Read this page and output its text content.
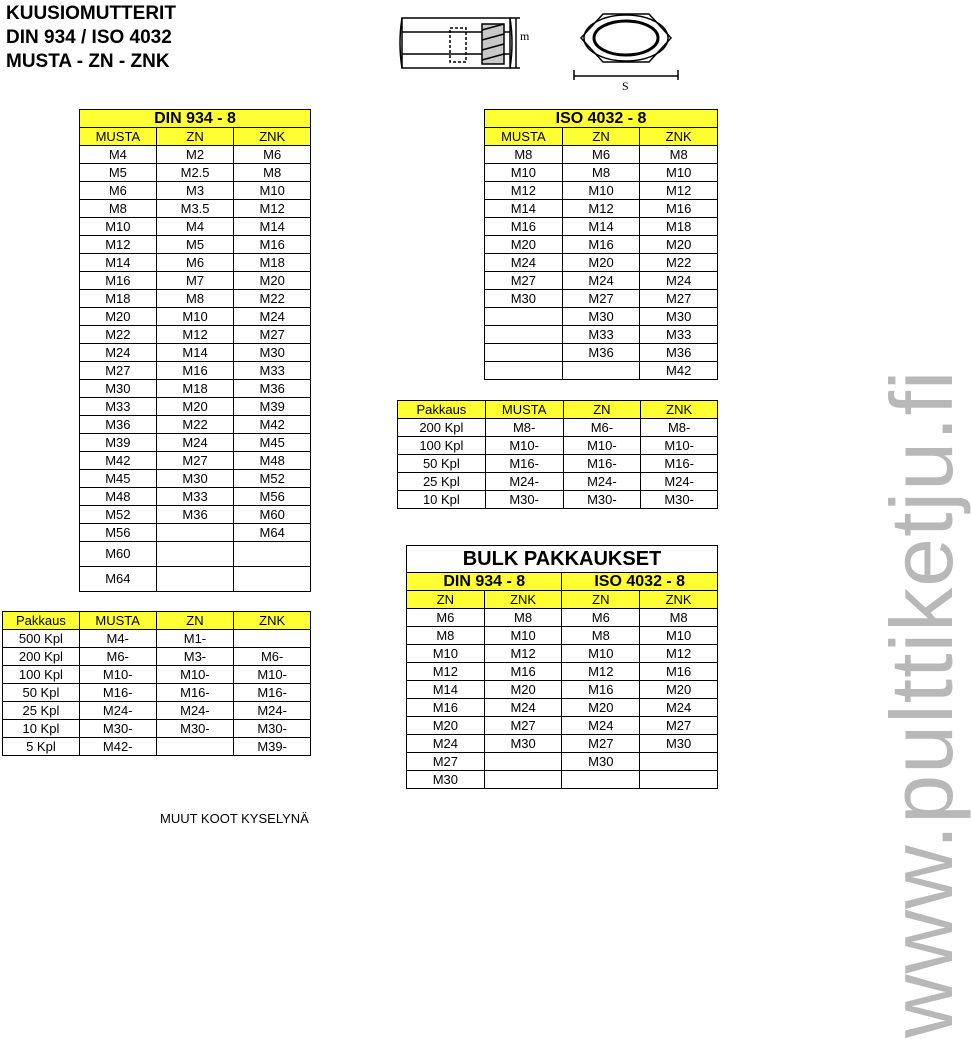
KUUSIOMUTTERIT
DIN 934 / ISO 4032
MUSTA - ZN - ZNK
m
S
DIN 934 - 8		
MUSTA	ZN	ZNK
M4	M2	M6
M5	M2.5	M8
M6	M3	M10
M8	M3.5	M12
M10	M4	M14
M12	M5	M16
M14	M6	M18
M16	M7	M20
M18	M8	M22
M20	M10	M24
M22	M12	M27
M24	M14	M30
M27	M16	M33
M30	M18	M36
M33	M20	M39
M36	M22	M42
M39	M24	M45
M42	M27	M48
M45	M30	M52
M48	M33	M56
M52	M36	M60
M56		M64
M60		
M64		
Pakkaus	MUSTA	ZN	ZNK
500 Kpl	M4-	M1-	
200 Kpl	M6-	M3-	M6-
100 Kpl	M10-	M10-	M10-
50 Kpl	M16-	M16-	M16-
25 Kpl	M24-	M24-	M24-
10 Kpl	M30-	M30-	M30-
5 Kpl	M42-		M39-
ISO 4032 - 8		
MUSTA	ZN	ZNK
M8	M6	M8
M10	M8	M10
M12	M10	M12
M14	M12	M16
M16	M14	M18
M20	M16	M20
M24	M20	M22
M27	M24	M24
M30	M27	M27
	M30	M30
	M33	M33
	M36	M36
		M42
Pakkaus	MUSTA	ZN	ZNK
200 Kpl	M8-	M6-	M8-
100 Kpl	M10-	M10-	M10-
50 Kpl	M16-	M16-	M16-
25 Kpl	M24-	M24-	M24-
10 Kpl	M30-	M30-	M30-
BULK PAKKAUKSET			
DIN 934 - 8		ISO 4032 - 8	
ZN	ZNK	ZN	ZNK
M6	M8	M6	M8
M8	M10	M8	M10
M10	M12	M10	M12
M12	M16	M12	M16
M14	M20	M16	M20
M16	M24	M20	M24
M20	M27	M24	M27
M24	M30	M27	M30
M27		M30	
M30			
MUUT KOOT KYSELYNÄ	www.pulttiketju.fi
